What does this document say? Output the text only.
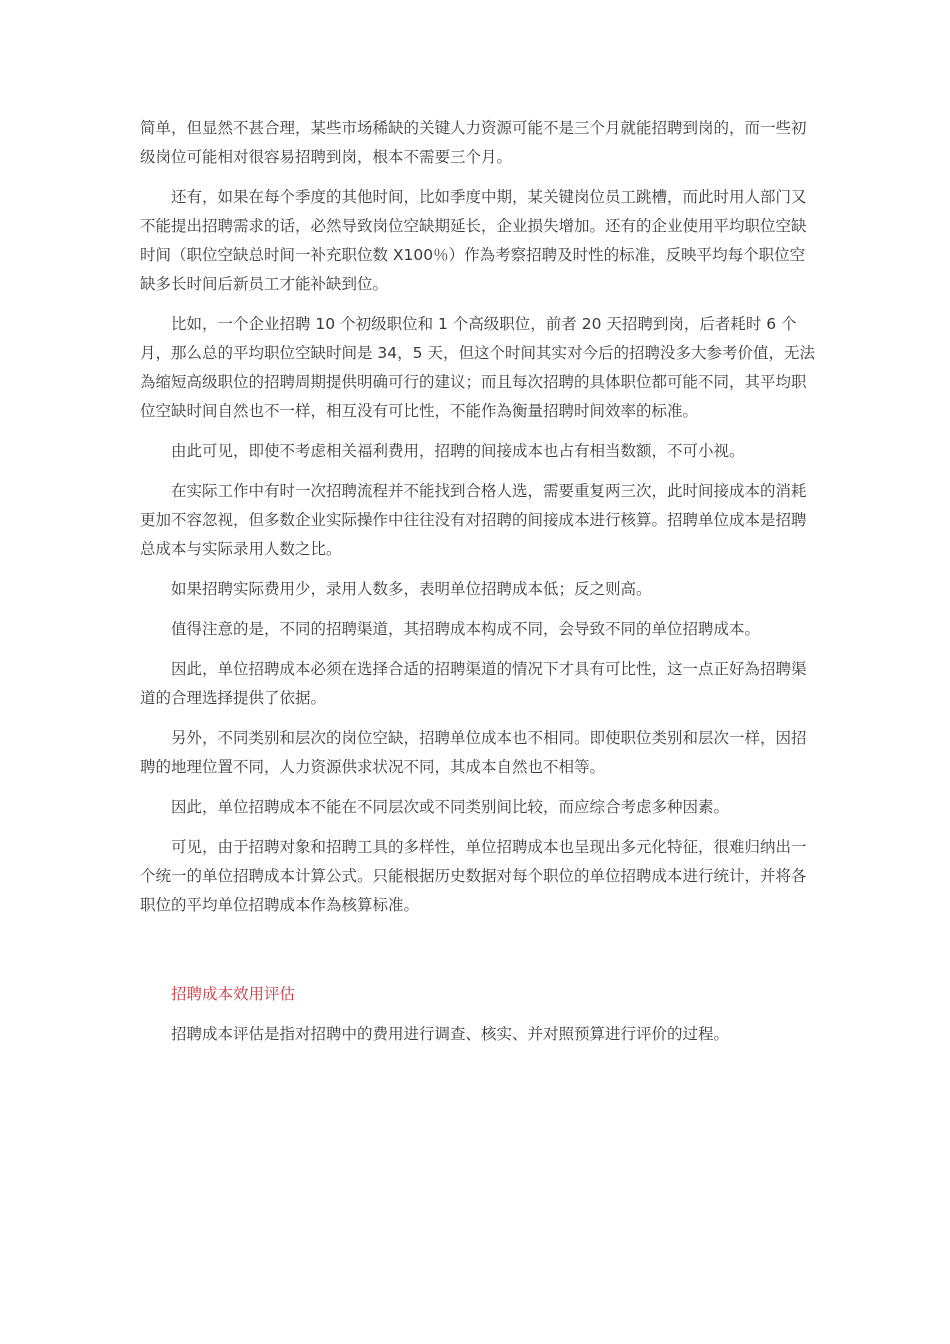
简单，但显然不甚合理，某些市场稀缺的关键人力资源可能不是三个月就能招聘到岗的，而一些初级岗位可能相对很容易招聘到岗，根本不需要三个月。

还有，如果在每个季度的其他时间，比如季度中期，某关键岗位员工跳槽，而此时用人部门又不能提出招聘需求的话，必然导致岗位空缺期延长，企业损失增加。还有的企业使用平均职位空缺时间（职位空缺总时间一补充职位数 X100％）作為考察招聘及时性的标准，反映平均每个职位空缺多长时间后新员工才能补缺到位。

比如，一个企业招聘 10 个初级职位和 1 个高级职位，前者 20 天招聘到岗，后者耗时 6 个月，那么总的平均职位空缺时间是 34，5 天，但这个时间其实对今后的招聘没多大参考价值，无法為缩短高级职位的招聘周期提供明确可行的建议；而且每次招聘的具体职位都可能不同，其平均职位空缺时间自然也不一样，相互没有可比性，不能作為衡量招聘时间效率的标准。

由此可见，即使不考虑相关福利费用，招聘的间接成本也占有相当数额，不可小视。

在实际工作中有时一次招聘流程并不能找到合格人选，需要重复两三次，此时间接成本的消耗更加不容忽视，但多数企业实际操作中往往没有对招聘的间接成本进行核算。招聘单位成本是招聘总成本与实际录用人数之比。

如果招聘实际费用少，录用人数多，表明单位招聘成本低；反之则高。

值得注意的是，不同的招聘渠道，其招聘成本构成不同，会导致不同的单位招聘成本。

因此，单位招聘成本必须在选择合适的招聘渠道的情况下才具有可比性，这一点正好為招聘渠道的合理选择提供了依据。

另外，不同类别和层次的岗位空缺，招聘单位成本也不相同。即使职位类别和层次一样，因招聘的地理位置不同，人力资源供求状况不同，其成本自然也不相等。

因此，单位招聘成本不能在不同层次或不同类别间比较，而应综合考虑多种因素。

可见，由于招聘对象和招聘工具的多样性，单位招聘成本也呈现出多元化特征，很难归纳出一个统一的单位招聘成本计算公式。只能根据历史数据对每个职位的单位招聘成本进行统计，并将各职位的平均单位招聘成本作為核算标准。

招聘成本效用评估

招聘成本评估是指对招聘中的费用进行调查、核实、并对照预算进行评价的过程。
